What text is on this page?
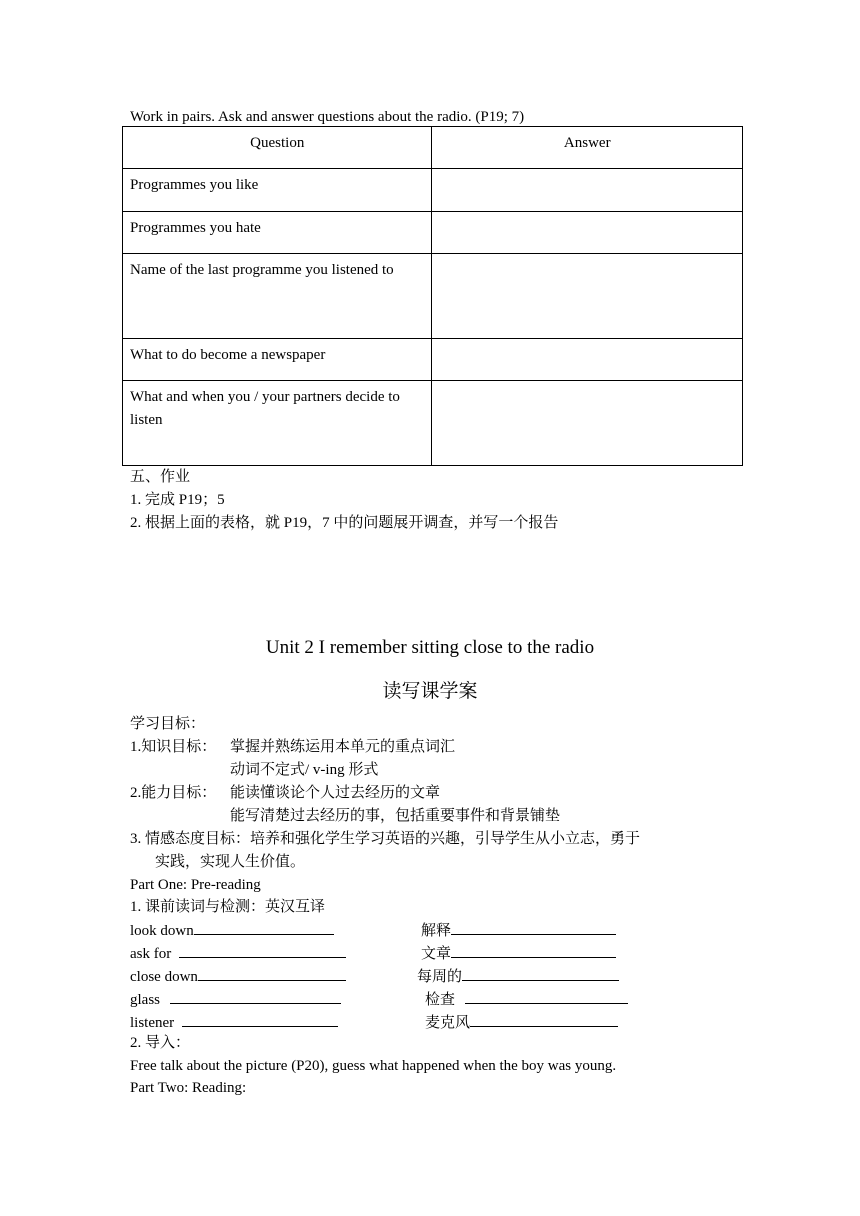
Work in pairs. Ask and answer questions about the radio. (P19; 7)
Question	Answer
Programmes you like	
Programmes you hate	
Name of the last programme you listened to	
What to do become a newspaper	
What and when you / your partners decide to listen	
五、作业
1. 完成 P19；5
2. 根据上面的表格，就 P19，7 中的问题展开调查，并写一个报告
Unit 2 I remember sitting close to the radio
读写课学案
学习目标：
1.知识目标： 掌握并熟练运用本单元的重点词汇
动词不定式/ v-ing 形式
2.能力目标： 能读懂谈论个人过去经历的文章
能写清楚过去经历的事，包括重要事件和背景铺垫
3. 情感态度目标：培养和强化学生学习英语的兴趣，引导学生从小立志，勇于
实践，实现人生价值。
Part One: Pre-reading
1. 课前读词与检测：英汉互译
look down	解释
ask for	文章
close down	每周的
glass	检查
listener	麦克风
2. 导入：
Free talk about the picture (P20), guess what happened when the boy was young.
Part Two: Reading:
